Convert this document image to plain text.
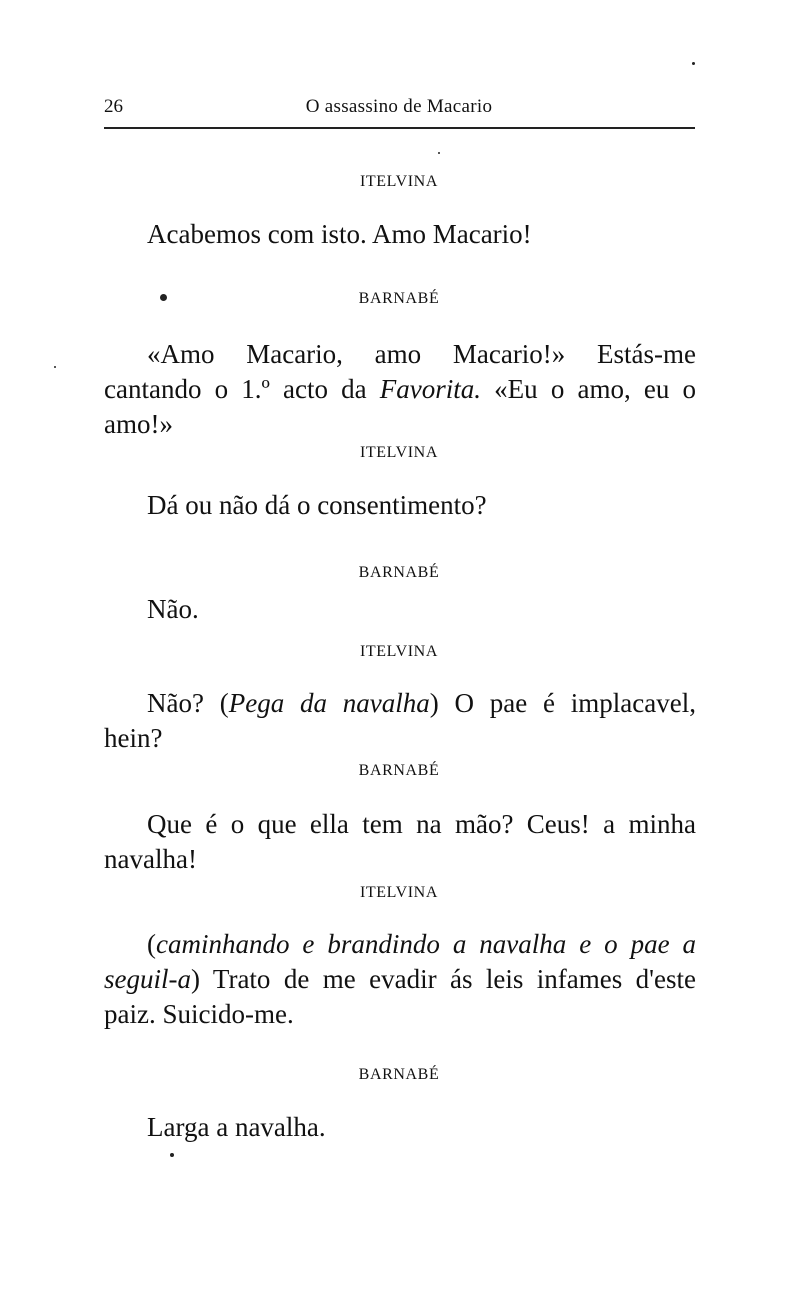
26	O assassino de Macario
ITELVINA
Acabemos com isto. Amo Macario!
BARNABÉ
«Amo Macario, amo Macario!» Estás-me cantando o 1.º acto da Favorita. «Eu o amo, eu o amo!»
ITELVINA
Dá ou não dá o consentimento?
BARNABÉ
Não.
ITELVINA
Não? (Pega da navalha) O pae é implacavel, hein?
BARNABÉ
Que é o que ella tem na mão? Ceus! a minha navalha!
ITELVINA
(caminhando e brandindo a navalha e o pae a seguil-a) Trato de me evadir ás leis infames d'este paiz. Suicido-me.
BARNABÉ
Larga a navalha.
